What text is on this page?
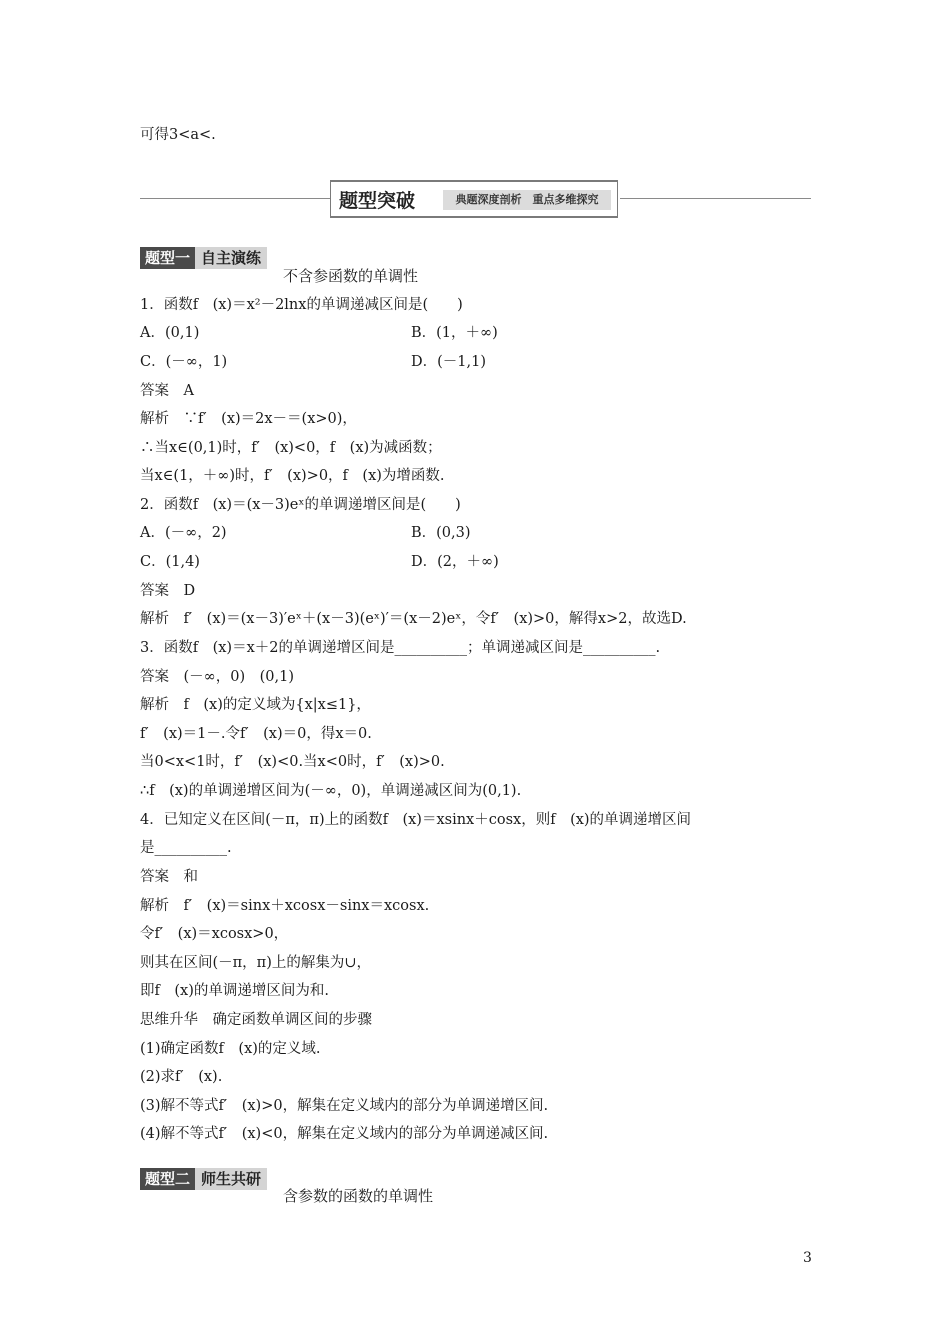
可得3<a<.
题型突破	典题深度剖析　重点多维探究
题型一 自主演练
不含参函数的单调性
1．函数f　(x)＝x²－2lnx的单调递减区间是(　　)
A．(0,1)	B．(1，＋∞)
C．(－∞，1)	D．(－1,1)
答案　A
解析　∵f′　(x)＝2x－＝(x>0)，
∴当x∈(0,1)时，f′　(x)<0，f　(x)为减函数；
当x∈(1，＋∞)时，f′　(x)>0，f　(x)为增函数.
2．函数f　(x)＝(x－3)eˣ的单调递增区间是(　　)
A．(－∞，2)	B．(0,3)
C．(1,4)	D．(2，＋∞)
答案　D
解析　f′　(x)＝(x－3)′eˣ＋(x－3)(eˣ)′＝(x－2)eˣ，令f′　(x)>0，解得x>2，故选D.
3．函数f　(x)＝x＋2的单调递增区间是__________；单调递减区间是__________.
答案　(－∞，0)　(0,1)
解析　f　(x)的定义域为{x|x≤1}，
f′　(x)＝1－.令f′　(x)＝0，得x＝0.
当0<x<1时，f′　(x)<0.当x<0时，f′　(x)>0.
∴f　(x)的单调递增区间为(－∞，0)，单调递减区间为(0,1).
4．已知定义在区间(－π，π)上的函数f　(x)＝xsinx＋cosx，则f　(x)的单调递增区间
是__________.
答案　和
解析　f′　(x)＝sinx＋xcosx－sinx＝xcosx.
令f′　(x)＝xcosx>0，
则其在区间(－π，π)上的解集为∪，
即f　(x)的单调递增区间为和.
思维升华　确定函数单调区间的步骤
(1)确定函数f　(x)的定义域.
(2)求f′　(x).
(3)解不等式f′　(x)>0，解集在定义域内的部分为单调递增区间.
(4)解不等式f′　(x)<0，解集在定义域内的部分为单调递减区间.
题型二 师生共研
含参数的函数的单调性
3
